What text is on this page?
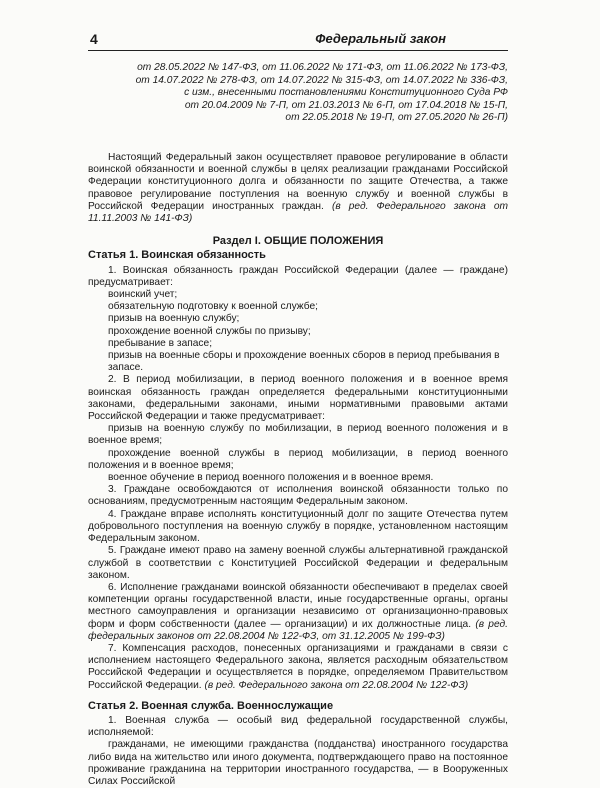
4	Федеральный закон
от 28.05.2022 № 147-ФЗ, от 11.06.2022 № 171-ФЗ, от 11.06.2022 № 173-ФЗ,
от 14.07.2022 № 278-ФЗ, от 14.07.2022 № 315-ФЗ, от 14.07.2022 № 336-ФЗ,
с изм., внесенными постановлениями Конституционного Суда РФ
от 20.04.2009 № 7-П, от 21.03.2013 № 6-П, от 17.04.2018 № 15-П,
от 22.05.2018 № 19-П, от 27.05.2020 № 26-П)

Настоящий Федеральный закон осуществляет правовое регулирование в области воинской обязанности и военной службы в целях реализации гражданами Российской Федерации конституционного долга и обязанности по защите Отечества, а также правовое регулирование поступления на военную службу и военной службы в Российской Федерации иностранных граждан. (в ред. Федерального закона от 11.11.2003 № 141-ФЗ)

Раздел I. ОБЩИЕ ПОЛОЖЕНИЯ
Статья 1. Воинская обязанность

1. Воинская обязанность граждан Российской Федерации (далее — граждане) предусматривает:

воинский учет;
обязательную подготовку к военной службе;
призыв на военную службу;
прохождение военной службы по призыву;
пребывание в запасе;
призыв на военные сборы и прохождение военных сборов в период пребывания в запасе.

2. В период мобилизации, в период военного положения и в военное время воинская обязанность граждан определяется федеральными конституционными законами, федеральными законами, иными нормативными правовыми актами Российской Федерации и также предусматривает:

призыв на военную службу по мобилизации, в период военного положения и в военное время;

прохождение военной службы в период мобилизации, в период военного положения и в военное время;

военное обучение в период военного положения и в военное время.

3. Граждане освобождаются от исполнения воинской обязанности только по основаниям, предусмотренным настоящим Федеральным законом.

4. Граждане вправе исполнять конституционный долг по защите Отечества путем добровольного поступления на военную службу в порядке, установленном настоящим Федеральным законом.

5. Граждане имеют право на замену военной службы альтернативной гражданской службой в соответствии с Конституцией Российской Федерации и федеральным законом.

6. Исполнение гражданами воинской обязанности обеспечивают в пределах своей компетенции органы государственной власти, иные государственные органы, органы местного самоуправления и организации независимо от организационно-правовых форм и форм собственности (далее — организации) и их должностные лица. (в ред. федеральных законов от 22.08.2004 № 122-ФЗ, от 31.12.2005 № 199-ФЗ)

7. Компенсация расходов, понесенных организациями и гражданами в связи с исполнением настоящего Федерального закона, является расходным обязательством Российской Федерации и осуществляется в порядке, определяемом Правительством Российской Федерации. (в ред. Федерального закона от 22.08.2004 № 122-ФЗ)

Статья 2. Военная служба. Военнослужащие

1. Военная служба — особый вид федеральной государственной службы, исполняемой:

гражданами, не имеющими гражданства (подданства) иностранного государства либо вида на жительство или иного документа, подтверждающего право на постоянное проживание гражданина на территории иностранного государства, — в Вооруженных Силах Российской
